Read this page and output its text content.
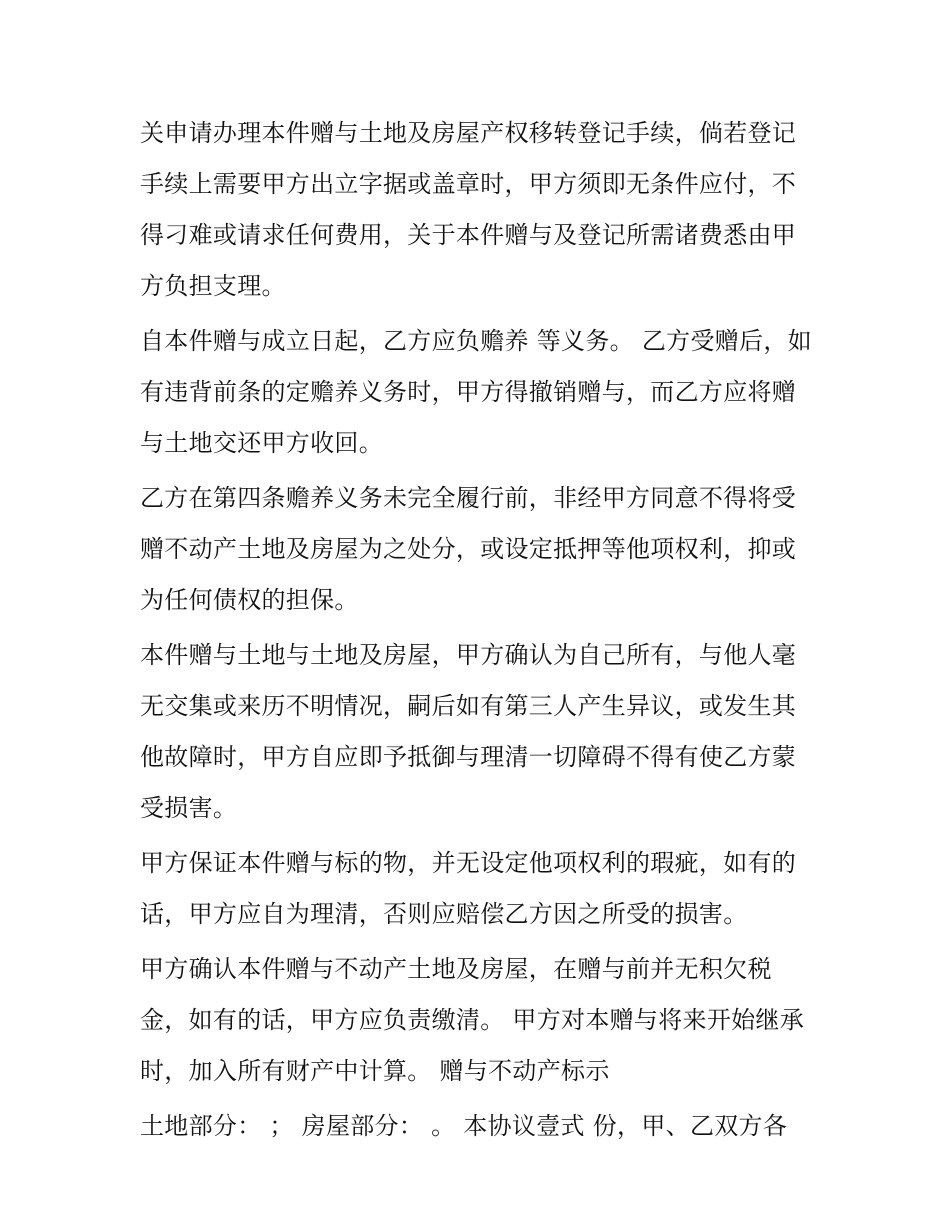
关申请办理本件赠与土地及房屋产权移转登记手续，倘若登记手续上需要甲方出立字据或盖章时，甲方须即无条件应付，不得刁难或请求任何费用，关于本件赠与及登记所需诸费悉由甲方负担支理。

自本件赠与成立日起，乙方应负赡养 等义务。 乙方受赠后，如有违背前条的定赡养义务时，甲方得撤销赠与，而乙方应将赠与土地交还甲方收回。

乙方在第四条赡养义务未完全履行前，非经甲方同意不得将受赠不动产土地及房屋为之处分，或设定抵押等他项权利，抑或为任何债权的担保。

本件赠与土地与土地及房屋，甲方确认为自己所有，与他人毫无交集或来历不明情况，嗣后如有第三人产生异议，或发生其他故障时，甲方自应即予抵御与理清一切障碍不得有使乙方蒙受损害。

甲方保证本件赠与标的物，并无设定他项权利的瑕疵，如有的话，甲方应自为理清，否则应赔偿乙方因之所受的损害。

甲方确认本件赠与不动产土地及房屋，在赠与前并无积欠税金，如有的话，甲方应负责缴清。 甲方对本赠与将来开始继承时，加入所有财产中计算。 赠与不动产标示

土地部分： ； 房屋部分： 。 本协议壹式 份，甲、乙双方各
